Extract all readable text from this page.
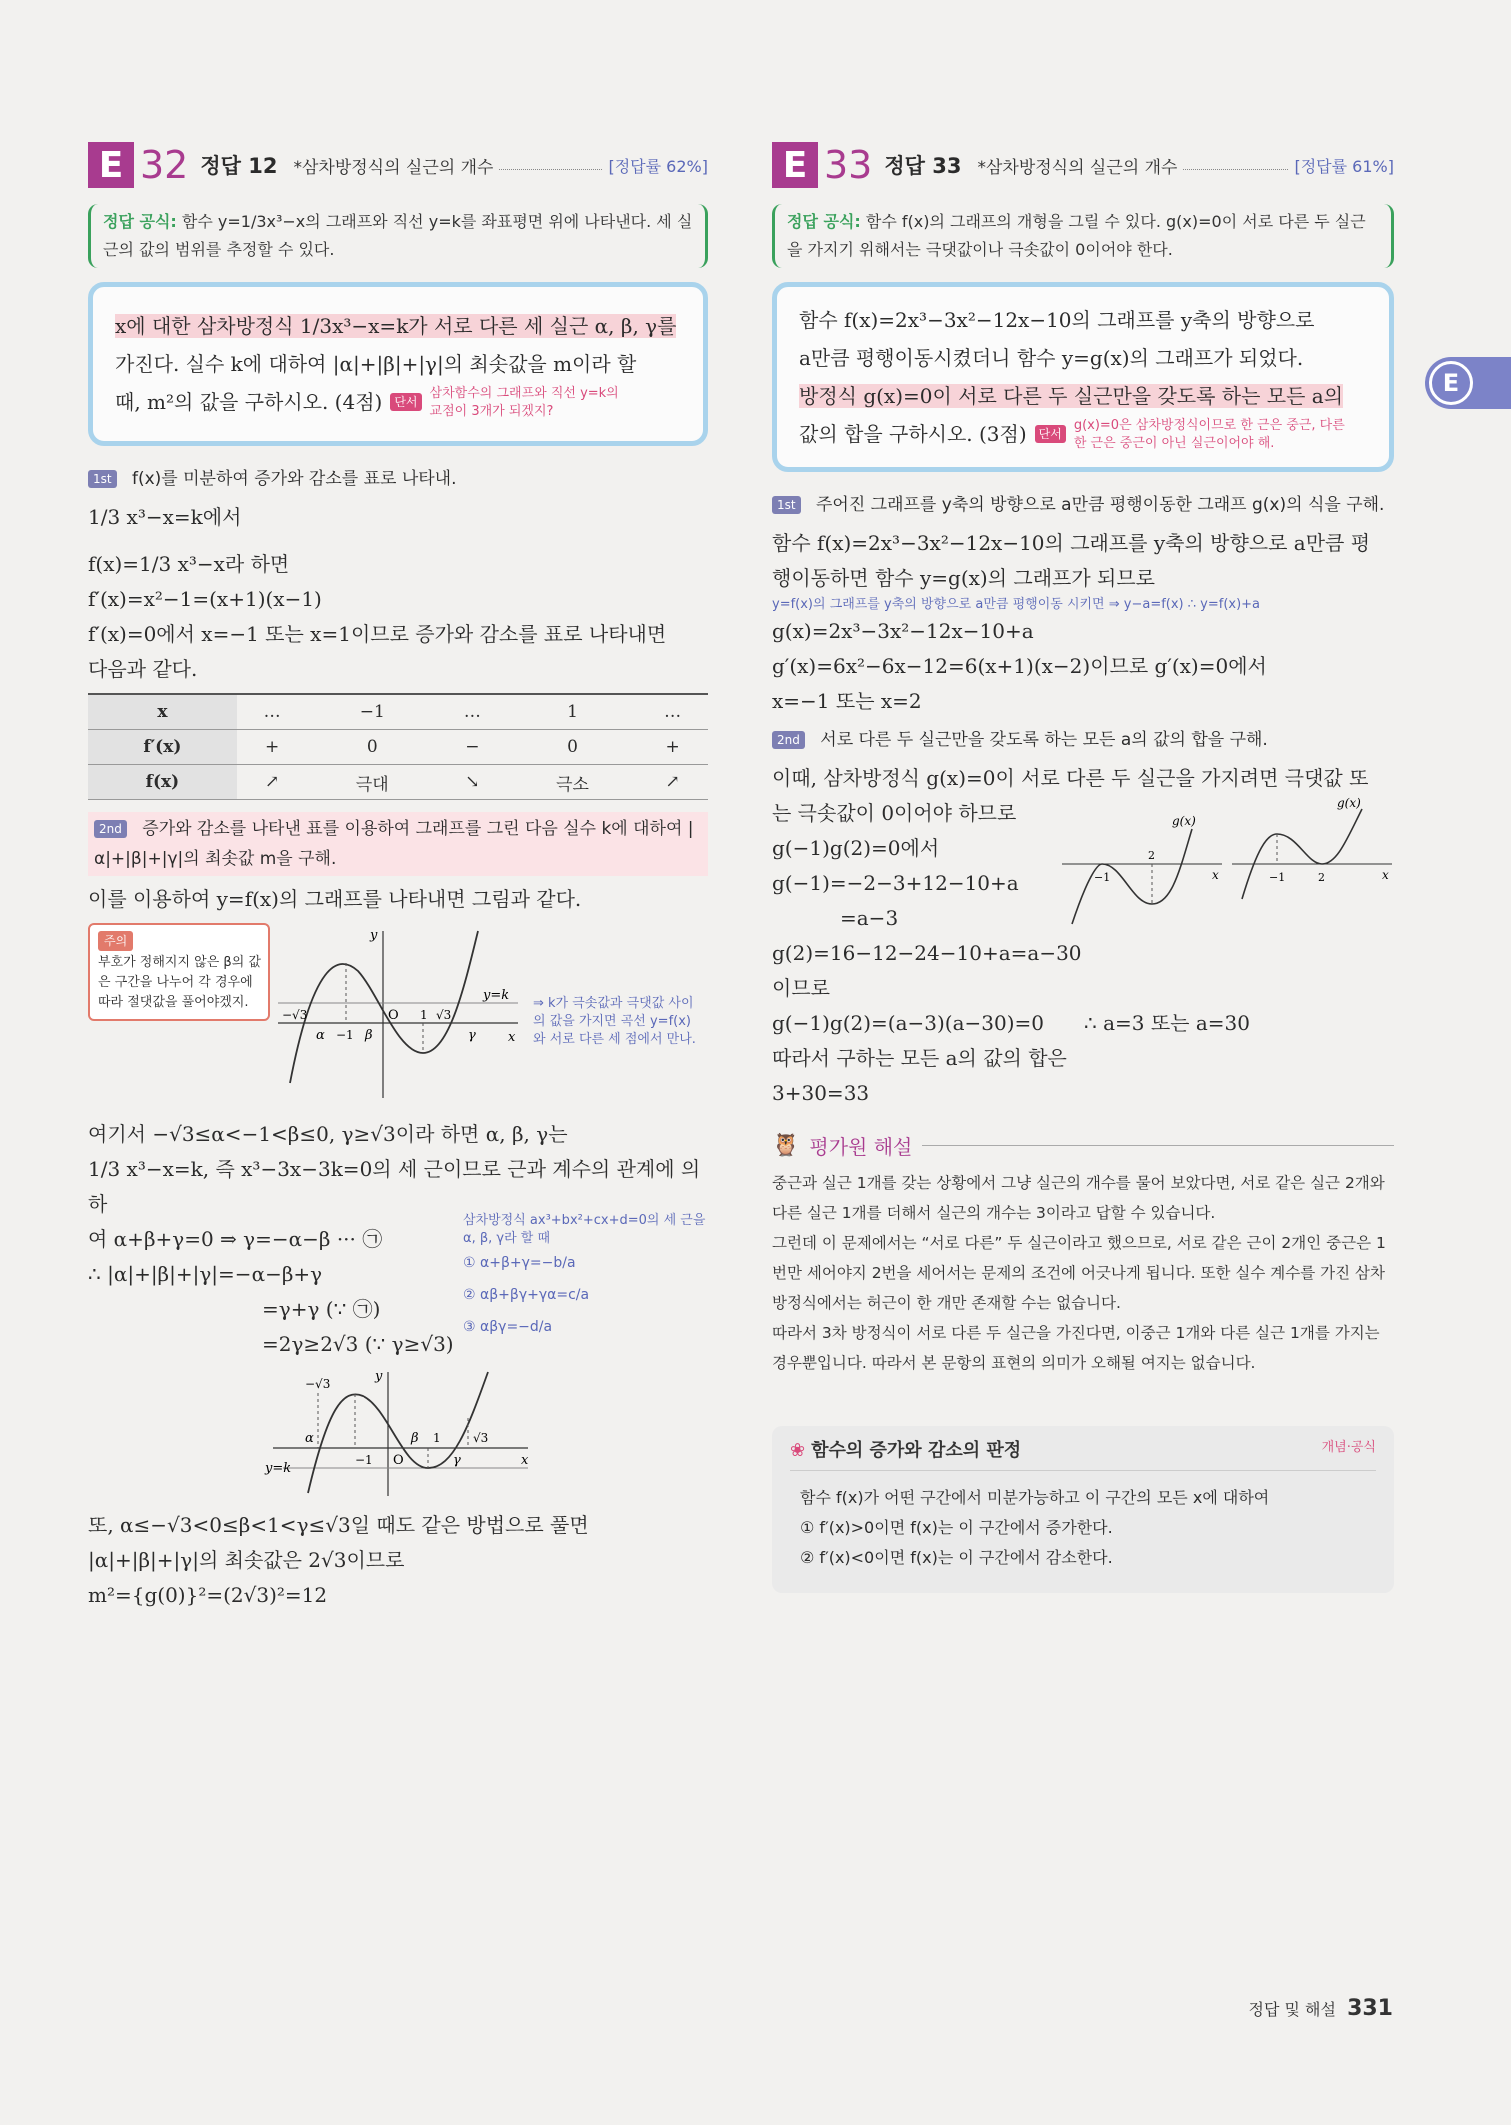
E 32 정답 12 *삼차방정식의 실근의 개수	[정답률 62%]
정답 공식: 함수 y=1/3x³−x의 그래프와 직선 y=k를 좌표평면 위에 나타낸다. 세 실근의 값의 범위를 추정할 수 있다.
x에 대한 삼차방정식 1/3x³−x=k가 서로 다른 세 실근 α, β, γ를
가진다. 실수 k에 대하여 |α|+|β|+|γ|의 최솟값을 m이라 할
때, m²의 값을 구하시오. (4점)	단서
삼차함수의 그래프와 직선 y=k의 교점이 3개가 되겠지?
1st f(x)를 미분하여 증가와 감소를 표로 나타내.
1/3 x³−x=k에서
f(x)=1/3 x³−x라 하면
f′(x)=x²−1=(x+1)(x−1)
f′(x)=0에서 x=−1 또는 x=1이므로 증가와 감소를 표로 나타내면
다음과 같다.
x	…	−1	…	1	…
f′(x)	+	0	−	0	+
f(x)	↗	극대	↘	극소	↗
2nd 증가와 감소를 나타낸 표를 이용하여 그래프를 그린 다음 실수 k에 대하여 |α|+|β|+|γ|의 최솟값 m을 구해.
이를 이용하여 y=f(x)의 그래프를 나타내면 그림과 같다.
주의
부호가 정해지지 않은 β의 값은 구간을 나누어 각 경우에 따라 절댓값을 풀어야겠지.
y
x
y=k
O
−√3	√3
1
α −1 β	γ
⇒ k가 극솟값과 극댓값 사이의 값을 가지면 곡선 y=f(x)와 서로 다른 세 점에서 만나.
여기서 −√3≤α<−1<β≤0, γ≥√3이라 하면 α, β, γ는
1/3 x³−x=k, 즉 x³−3x−3k=0의 세 근이므로 근과 계수의 관계에 의하
여 α+β+γ=0 ⇒ γ=−α−β ··· ㉠
∴ |α|+|β|+|γ|=−α−β+γ
=γ+γ (∵ ㉠)
=2γ≥2√3 (∵ γ≥√3)
삼차방정식 ax³+bx²+cx+d=0의 세 근을 α, β, γ라 할 때
① α+β+γ=−b/a
② αβ+βγ+γα=c/a
③ αβγ=−d/a
y
x
y=k
−√3
α
−1 O
β 1
γ
√3
또, α≤−√3<0≤β<1<γ≤√3일 때도 같은 방법으로 풀면
|α|+|β|+|γ|의 최솟값은 2√3이므로
m²={g(0)}²=(2√3)²=12
E 33 정답 33 *삼차방정식의 실근의 개수	[정답률 61%]
정답 공식: 함수 f(x)의 그래프의 개형을 그릴 수 있다. g(x)=0이 서로 다른 두 실근을 가지기 위해서는 극댓값이나 극솟값이 0이어야 한다.
함수 f(x)=2x³−3x²−12x−10의 그래프를 y축의 방향으로
a만큼 평행이동시켰더니 함수 y=g(x)의 그래프가 되었다.
방정식 g(x)=0이 서로 다른 두 실근만을 갖도록 하는 모든 a의
값의 합을 구하시오. (3점)	단서
g(x)=0은 삼차방정식이므로 한 근은 중근, 다른 한 근은 중근이 아닌 실근이어야 해.
1st 주어진 그래프를 y축의 방향으로 a만큼 평행이동한 그래프 g(x)의 식을 구해.
함수 f(x)=2x³−3x²−12x−10의 그래프를 y축의 방향으로 a만큼 평
행이동하면 함수 y=g(x)의 그래프가 되므로
y=f(x)의 그래프를 y축의 방향으로 a만큼 평행이동 시키면 ⇒ y−a=f(x) ∴ y=f(x)+a
g(x)=2x³−3x²−12x−10+a
g′(x)=6x²−6x−12=6(x+1)(x−2)이므로 g′(x)=0에서
x=−1 또는 x=2
2nd 서로 다른 두 실근만을 갖도록 하는 모든 a의 값의 합을 구해.
이때, 삼차방정식 g(x)=0이 서로 다른 두 실근을 가지려면 극댓값 또
는 극솟값이 0이어야 하므로
g(−1)g(2)=0에서
g(−1)=−2−3+12−10+a
=a−3
−1
2
g(x)
x	−1	2
g(x)
x
g(2)=16−12−24−10+a=a−30
이므로
g(−1)g(2)=(a−3)(a−30)=0 ∴ a=3 또는 a=30
따라서 구하는 모든 a의 값의 합은
3+30=33
🦉 평가원 해설
중근과 실근 1개를 갖는 상황에서 그냥 실근의 개수를 물어 보았다면, 서로 같은 실근 2개와 다른 실근 1개를 더해서 실근의 개수는 3이라고 답할 수 있습니다.
그런데 이 문제에서는 “서로 다른” 두 실근이라고 했으므로, 서로 같은 근이 2개인 중근은 1번만 세어야지 2번을 세어서는 문제의 조건에 어긋나게 됩니다. 또한 실수 계수를 가진 삼차방정식에서는 허근이 한 개만 존재할 수는 없습니다.
따라서 3차 방정식이 서로 다른 두 실근을 가진다면, 이중근 1개와 다른 실근 1개를 가지는 경우뿐입니다. 따라서 본 문항의 표현의 의미가 오해될 여지는 없습니다.
❀ 함수의 증가와 감소의 판정	개념·공식
함수 f(x)가 어떤 구간에서 미분가능하고 이 구간의 모든 x에 대하여
① f′(x)>0이면 f(x)는 이 구간에서 증가한다.
② f′(x)<0이면 f(x)는 이 구간에서 감소한다.
E
정답 및 해설 331
